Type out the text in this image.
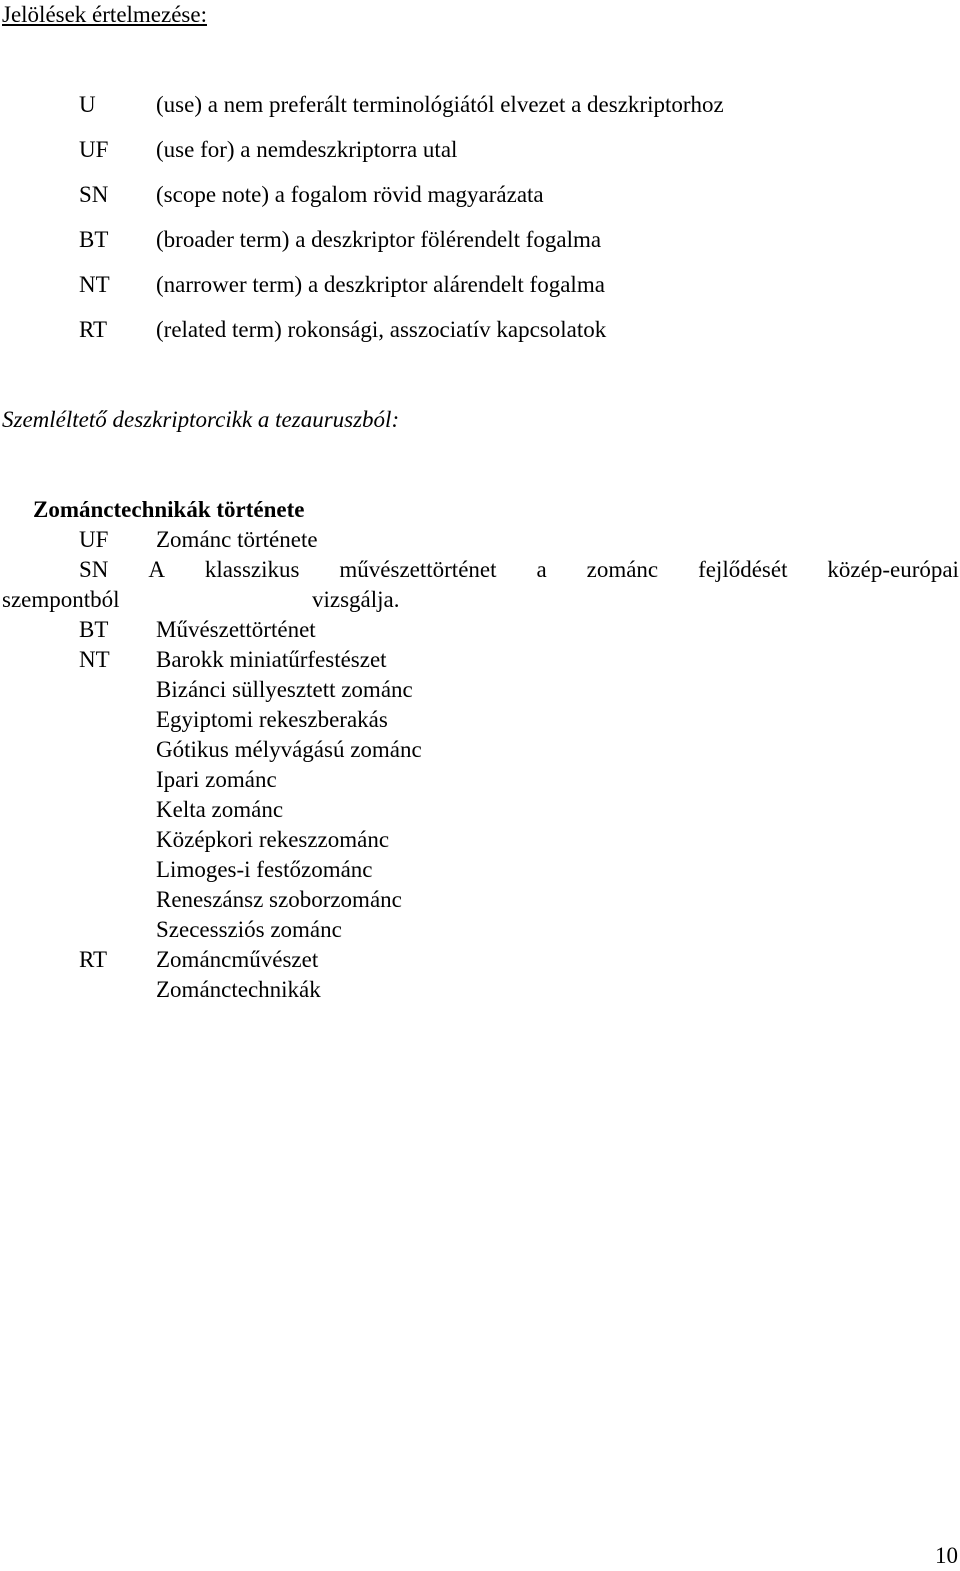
Jelölések értelmezése:
U	(use) a nem preferált terminológiától elvezet a deszkriptorhoz
UF (use for) a nemdeszkriptorra utal
SN (scope note) a fogalom rövid magyarázata
BT (broader term) a deszkriptor fölérendelt fogalma
NT (narrower term) a deszkriptor alárendelt fogalma
RT (related term) rokonsági, asszociatív kapcsolatok
Szemléltető deszkriptorcikk a tezauruszból:
Zománctechnikák története
UF Zománc története
SN A klasszikus művészettörténet a zománc fejlődését közép-európai
szempontból	vizsgálja.
BT Művészettörténet
NT Barokk miniatűrfestészet
Bizánci süllyesztett zománc
Egyiptomi rekeszberakás
Gótikus mélyvágású zománc
Ipari zománc
Kelta zománc
Középkori rekeszzománc
Limoges-i festőzománc
Reneszánsz szoborzománc
Szecessziós zománc
RT Zománcművészet
Zománctechnikák
10
